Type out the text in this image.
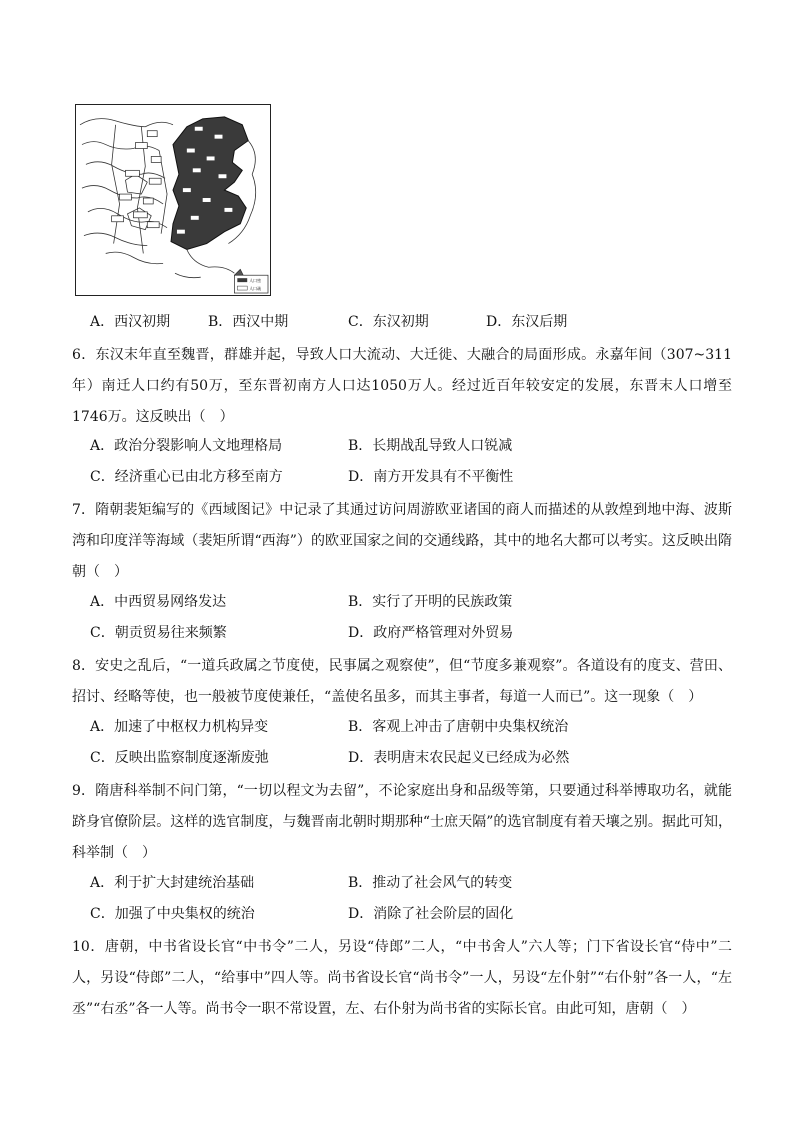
人口密
人口疏
A．西汉初期	B．西汉中期	C．东汉初期	D．东汉后期

6．东汉末年直至魏晋，群雄并起，导致人口大流动、大迁徙、大融合的局面形成。永嘉年间（307~311年）南迁人口约有50万，至东晋初南方人口达1050万人。经过近百年较安定的发展，东晋末人口增至1746万。这反映出（　）

A．政治分裂影响人文地理格局	B．长期战乱导致人口锐减
C．经济重心已由北方移至南方	D．南方开发具有不平衡性

7．隋朝裴矩编写的《西域图记》中记录了其通过访问周游欧亚诸国的商人而描述的从敦煌到地中海、波斯湾和印度洋等海域（裴矩所谓“西海”）的欧亚国家之间的交通线路，其中的地名大都可以考实。这反映出隋朝（　）

A．中西贸易网络发达	B．实行了开明的民族政策
C．朝贡贸易往来频繁	D．政府严格管理对外贸易

8．安史之乱后，“一道兵政属之节度使，民事属之观察使”，但“节度多兼观察”。各道设有的度支、营田、招讨、经略等使，也一般被节度使兼任，“盖使名虽多，而其主事者，每道一人而已”。这一现象（　）

A．加速了中枢权力机构异变	B．客观上冲击了唐朝中央集权统治
C．反映出监察制度逐渐废弛	D．表明唐末农民起义已经成为必然

9．隋唐科举制不问门第，“一切以程文为去留”，不论家庭出身和品级等第，只要通过科举博取功名，就能跻身官僚阶层。这样的选官制度，与魏晋南北朝时期那种“士庶天隔”的选官制度有着天壤之别。据此可知，科举制（　）

A．利于扩大封建统治基础	B．推动了社会风气的转变
C．加强了中央集权的统治	D．消除了社会阶层的固化

10．唐朝，中书省设长官“中书令”二人，另设“侍郎”二人，“中书舍人”六人等；门下省设长官“侍中”二人，另设“侍郎”二人，“给事中”四人等。尚书省设长官“尚书令”一人，另设“左仆射”“右仆射”各一人，“左丞”“右丞”各一人等。尚书令一职不常设置，左、右仆射为尚书省的实际长官。由此可知，唐朝（　）
